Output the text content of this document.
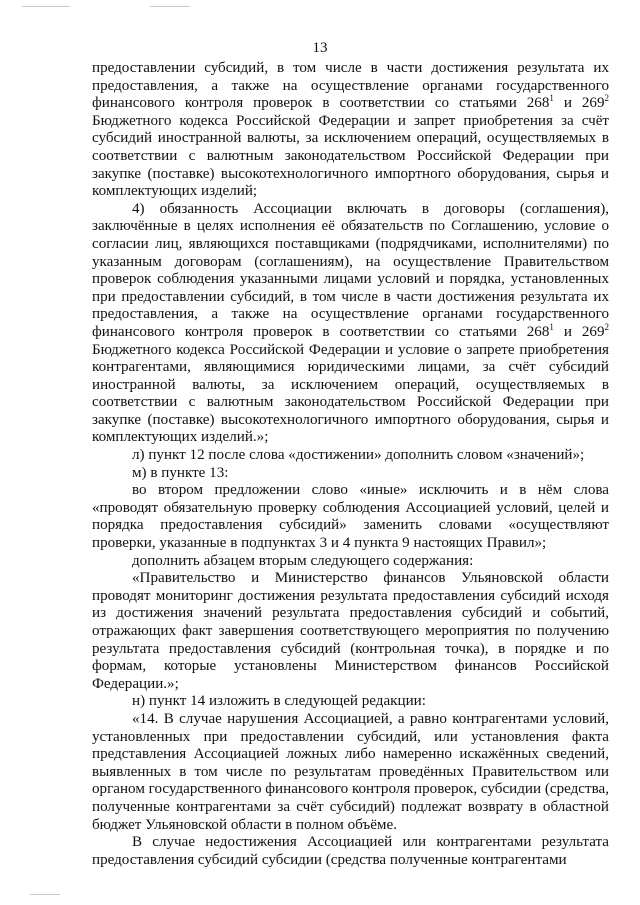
13

предоставлении субсидий, в том числе в части достижения результата их предоставления, а также на осуществление органами государственного финансового контроля проверок в соответствии со статьями $268^1$ и $269^2$ Бюджетного кодекса Российской Федерации и запрет приобретения за счёт субсидий иностранной валюты, за исключением операций, осуществляемых в соответствии с валютным законодательством Российской Федерации при закупке (поставке) высокотехнологичного импортного оборудования, сырья и комплектующих изделий;

4) обязанность Ассоциации включать в договоры (соглашения), заключённые в целях исполнения её обязательств по Соглашению, условие о согласии лиц, являющихся поставщиками (подрядчиками, исполнителями) по указанным договорам (соглашениям), на осуществление Правительством проверок соблюдения указанными лицами условий и порядка, установленных при предоставлении субсидий, в том числе в части достижения результата их предоставления, а также на осуществление органами государственного финансового контроля проверок в соответствии со статьями $268^1$ и $269^2$ Бюджетного кодекса Российской Федерации и условие о запрете приобретения контрагентами, являющимися юридическими лицами, за счёт субсидий иностранной валюты, за исключением операций, осуществляемых в соответствии с валютным законодательством Российской Федерации при закупке (поставке) высокотехнологичного импортного оборудования, сырья и комплектующих изделий.»;

л) пункт 12 после слова «достижении» дополнить словом «значений»;

м) в пункте 13:

во втором предложении слово «иные» исключить и в нём слова «проводят обязательную проверку соблюдения Ассоциацией условий, целей и порядка предоставления субсидий» заменить словами «осуществляют проверки, указанные в подпунктах 3 и 4 пункта 9 настоящих Правил»;

дополнить абзацем вторым следующего содержания:

«Правительство и Министерство финансов Ульяновской области проводят мониторинг достижения результата предоставления субсидий исходя из достижения значений результата предоставления субсидий и событий, отражающих факт завершения соответствующего мероприятия по получению результата предоставления субсидий (контрольная точка), в порядке и по формам, которые установлены Министерством финансов Российской Федерации.»;

н) пункт 14 изложить в следующей редакции:

«14. В случае нарушения Ассоциацией, а равно контрагентами условий, установленных при предоставлении субсидий, или установления факта представления Ассоциацией ложных либо намеренно искажённых сведений, выявленных в том числе по результатам проведённых Правительством или органом государственного финансового контроля проверок, субсидии (средства, полученные контрагентами за счёт субсидий) подлежат возврату в областной бюджет Ульяновской области в полном объёме.

В случае недостижения Ассоциацией или контрагентами результата предоставления субсидий субсидии (средства полученные контрагентами
